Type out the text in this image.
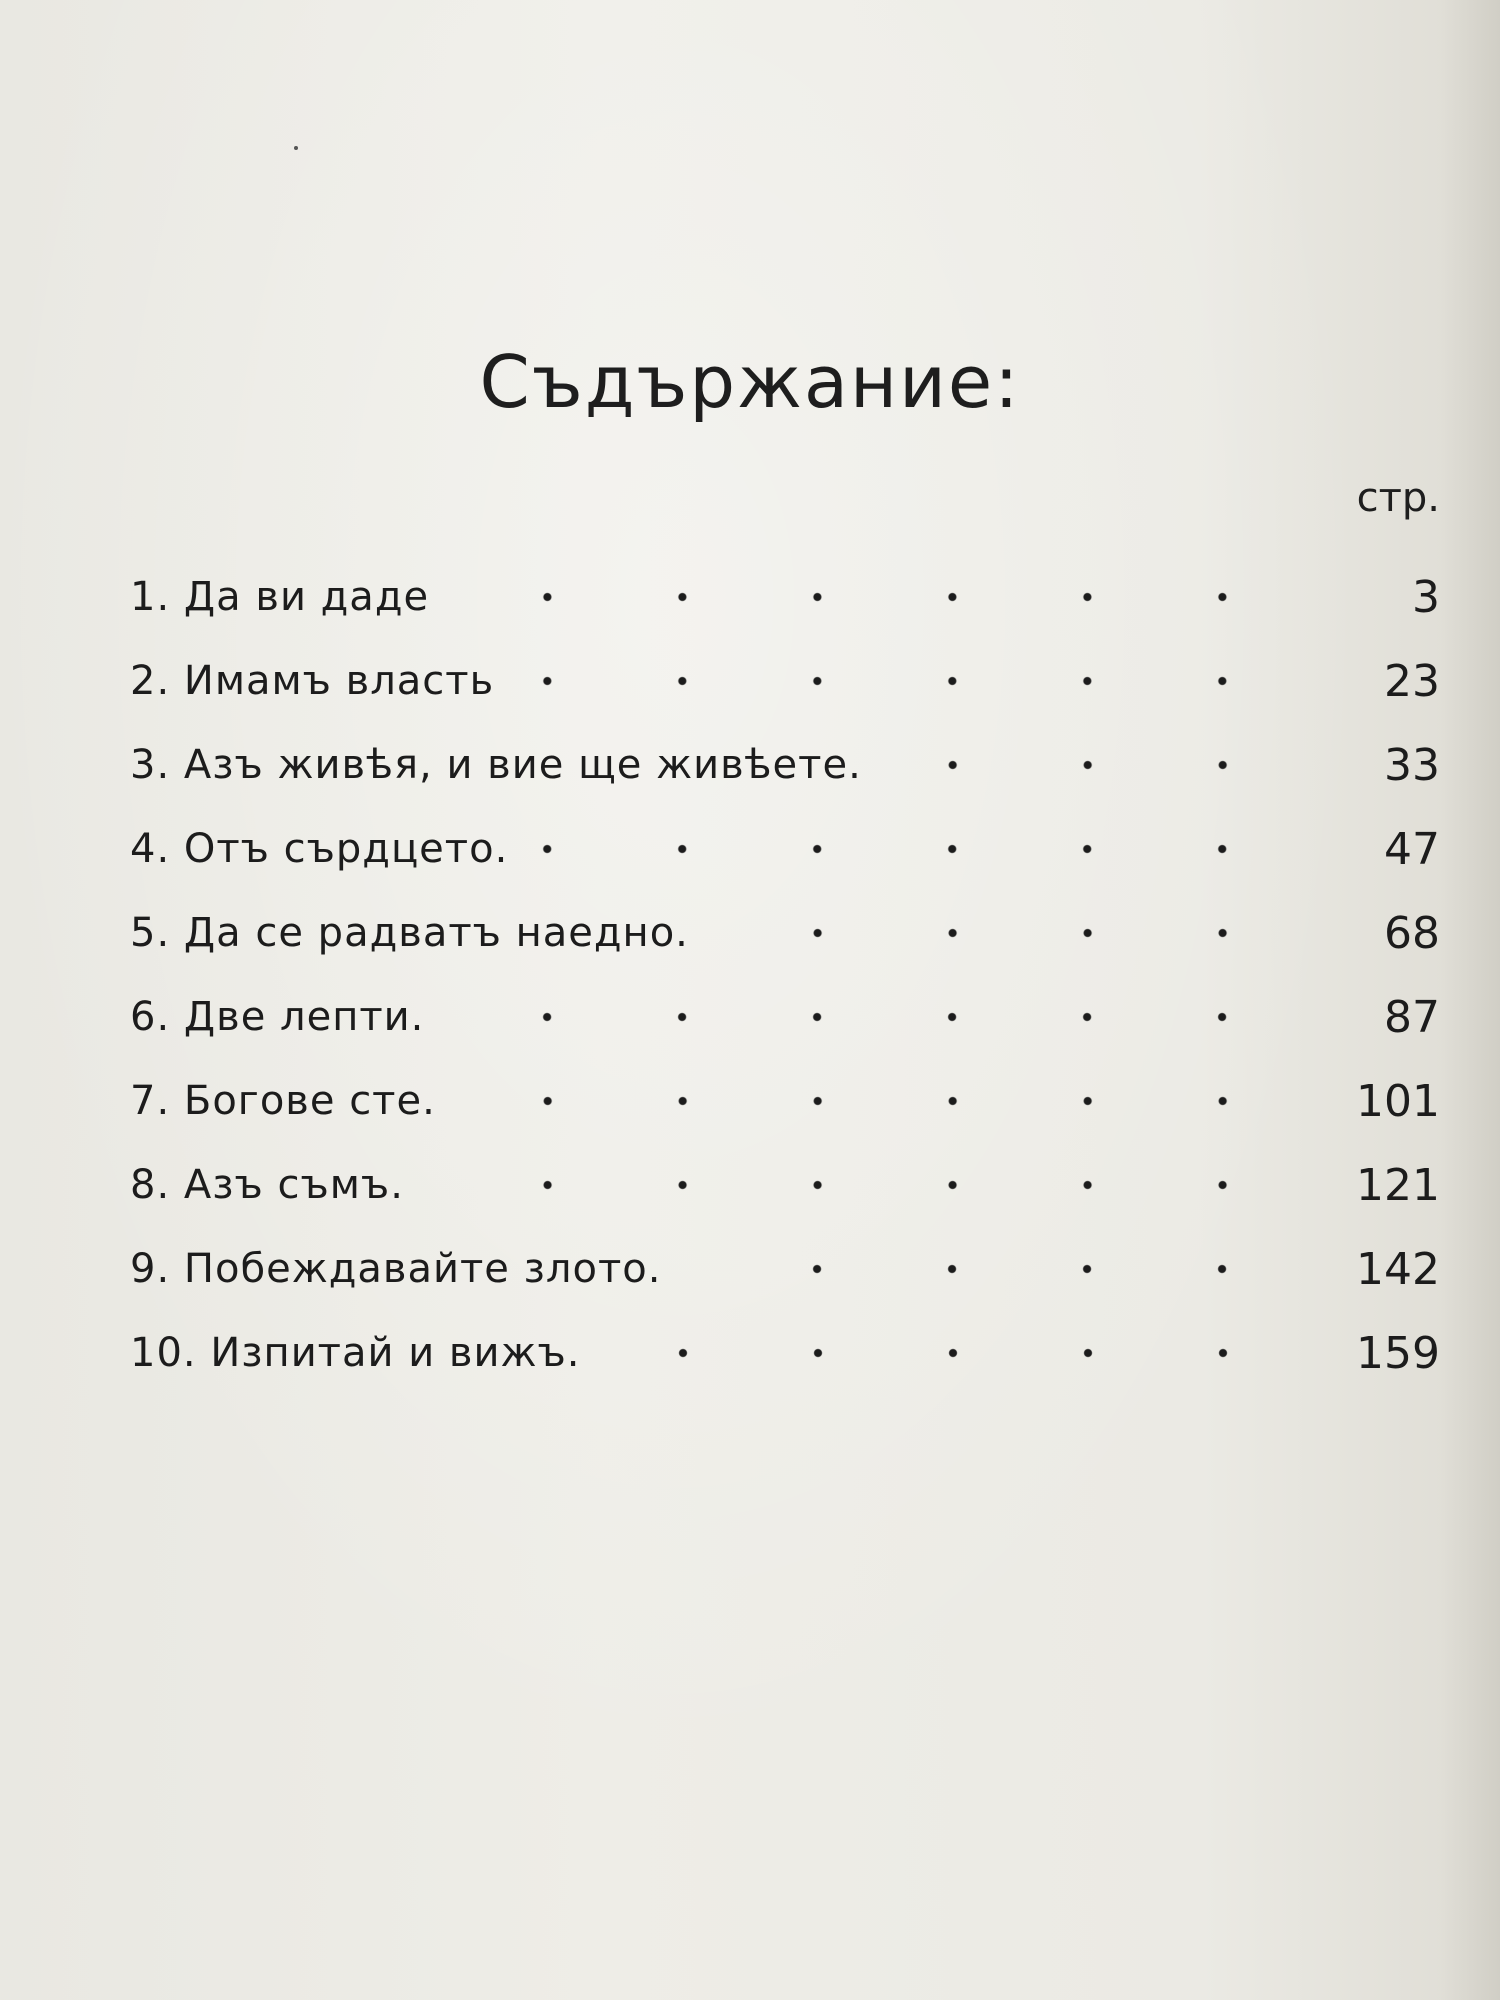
Съдържание:
стр.
1. Да ви даде	3
2. Имамъ власть	23
3. Азъ живѣя, и вие ще живѣете.	33
4. Отъ сърдцето.	47
5. Да се радватъ наедно.	68
6. Две лепти.	87
7. Богове сте.	101
8. Азъ съмъ.	121
9. Побеждавайте злото.	142
10. Изпитай и вижъ.	159
